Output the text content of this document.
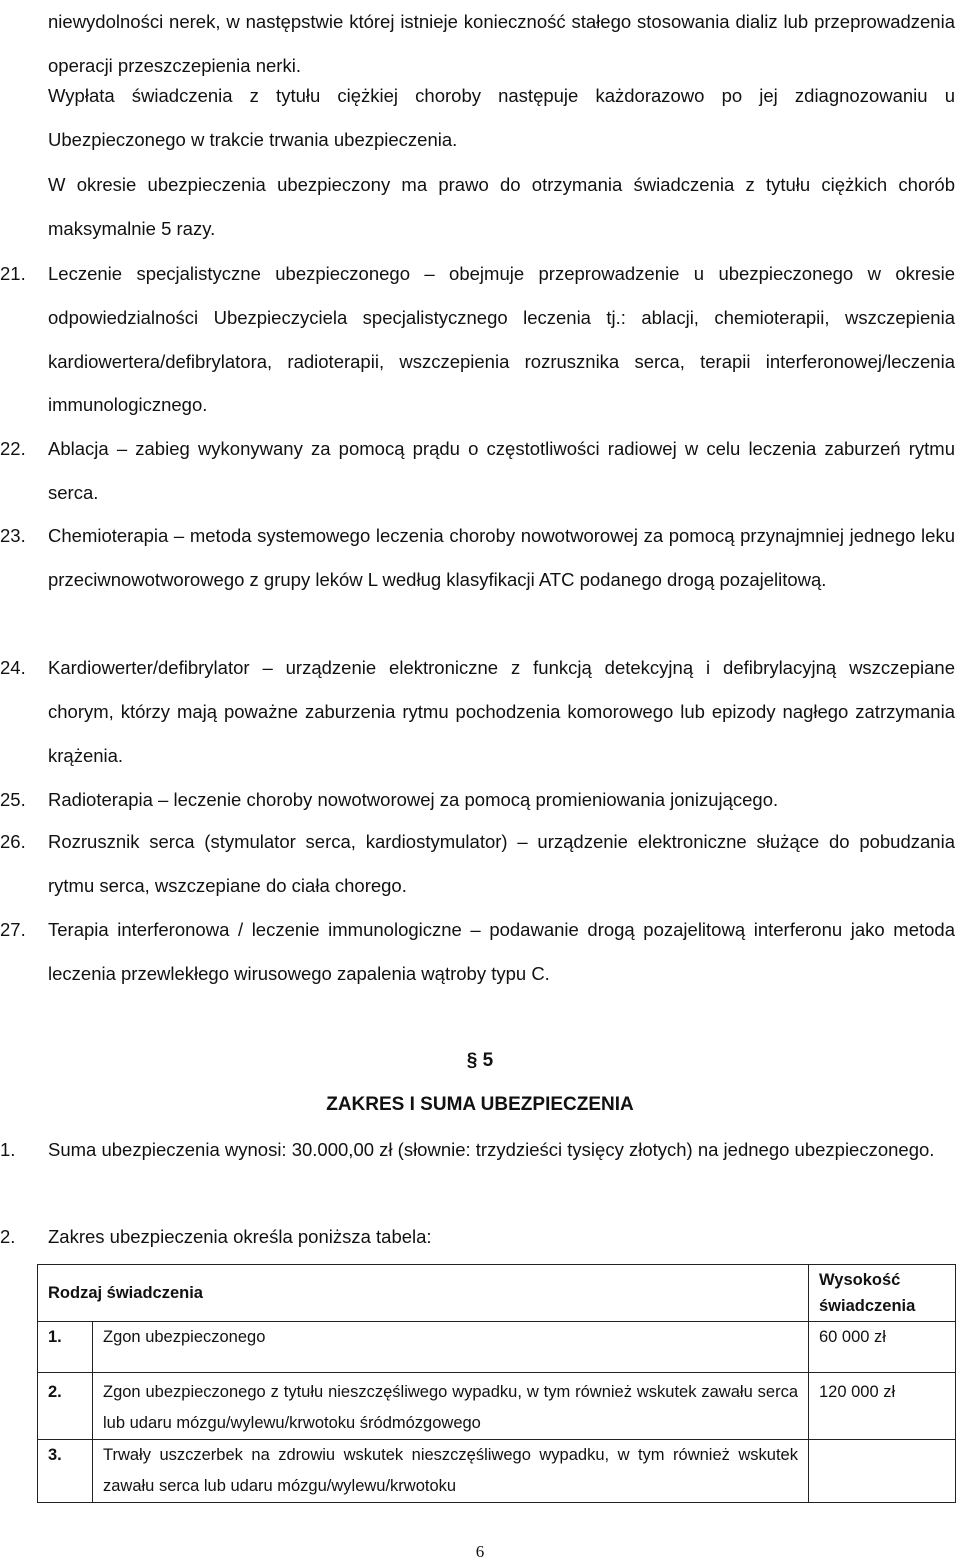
niewydolności nerek, w następstwie której istnieje konieczność stałego stosowania dializ lub przeprowadzenia operacji przeszczepienia nerki.
Wypłata świadczenia z tytułu ciężkiej choroby następuje każdorazowo po jej zdiagnozowaniu u Ubezpieczonego w trakcie trwania ubezpieczenia.
W okresie ubezpieczenia ubezpieczony ma prawo do otrzymania świadczenia z tytułu ciężkich chorób maksymalnie 5 razy.
21.	Leczenie specjalistyczne ubezpieczonego – obejmuje przeprowadzenie u ubezpieczonego w okresie odpowiedzialności Ubezpieczyciela specjalistycznego leczenia tj.: ablacji, chemioterapii, wszczepienia kardiowertera/defibrylatora, radioterapii, wszczepienia rozrusznika serca, terapii interferonowej/leczenia immunologicznego.
22.	Ablacja – zabieg wykonywany za pomocą prądu o częstotliwości radiowej w celu leczenia zaburzeń rytmu serca.
23.	Chemioterapia – metoda systemowego leczenia choroby nowotworowej za pomocą przynajmniej jednego leku przeciwnowotworowego z grupy leków L według klasyfikacji ATC podanego drogą pozajelitową.
24.	Kardiowerter/defibrylator – urządzenie elektroniczne z funkcją detekcyjną i defibrylacyjną wszczepiane chorym, którzy mają poważne zaburzenia rytmu pochodzenia komorowego lub epizody nagłego zatrzymania krążenia.
25.	Radioterapia – leczenie choroby nowotworowej za pomocą promieniowania jonizującego.
26.	Rozrusznik serca (stymulator serca, kardiostymulator) – urządzenie elektroniczne służące do pobudzania rytmu serca, wszczepiane do ciała chorego.
27.	Terapia interferonowa / leczenie immunologiczne – podawanie drogą pozajelitową interferonu jako metoda leczenia przewlekłego wirusowego zapalenia wątroby typu C.
§ 5
ZAKRES I SUMA UBEZPIECZENIA
1.	Suma ubezpieczenia wynosi: 30.000,00 zł (słownie: trzydzieści tysięcy złotych) na jednego ubezpieczonego.
2.	Zakres ubezpieczenia określa poniższa tabela:
Rodzaj świadczenia		Wysokość świadczenia
1.	Zgon ubezpieczonego	60 000 zł
2.	Zgon ubezpieczonego z tytułu nieszczęśliwego wypadku, w tym również wskutek zawału serca lub udaru mózgu/wylewu/krwotoku śródmózgowego	120 000 zł
3.	Trwały uszczerbek na zdrowiu wskutek nieszczęśliwego wypadku, w tym również wskutek zawału serca lub udaru mózgu/wylewu/krwotoku	
6
